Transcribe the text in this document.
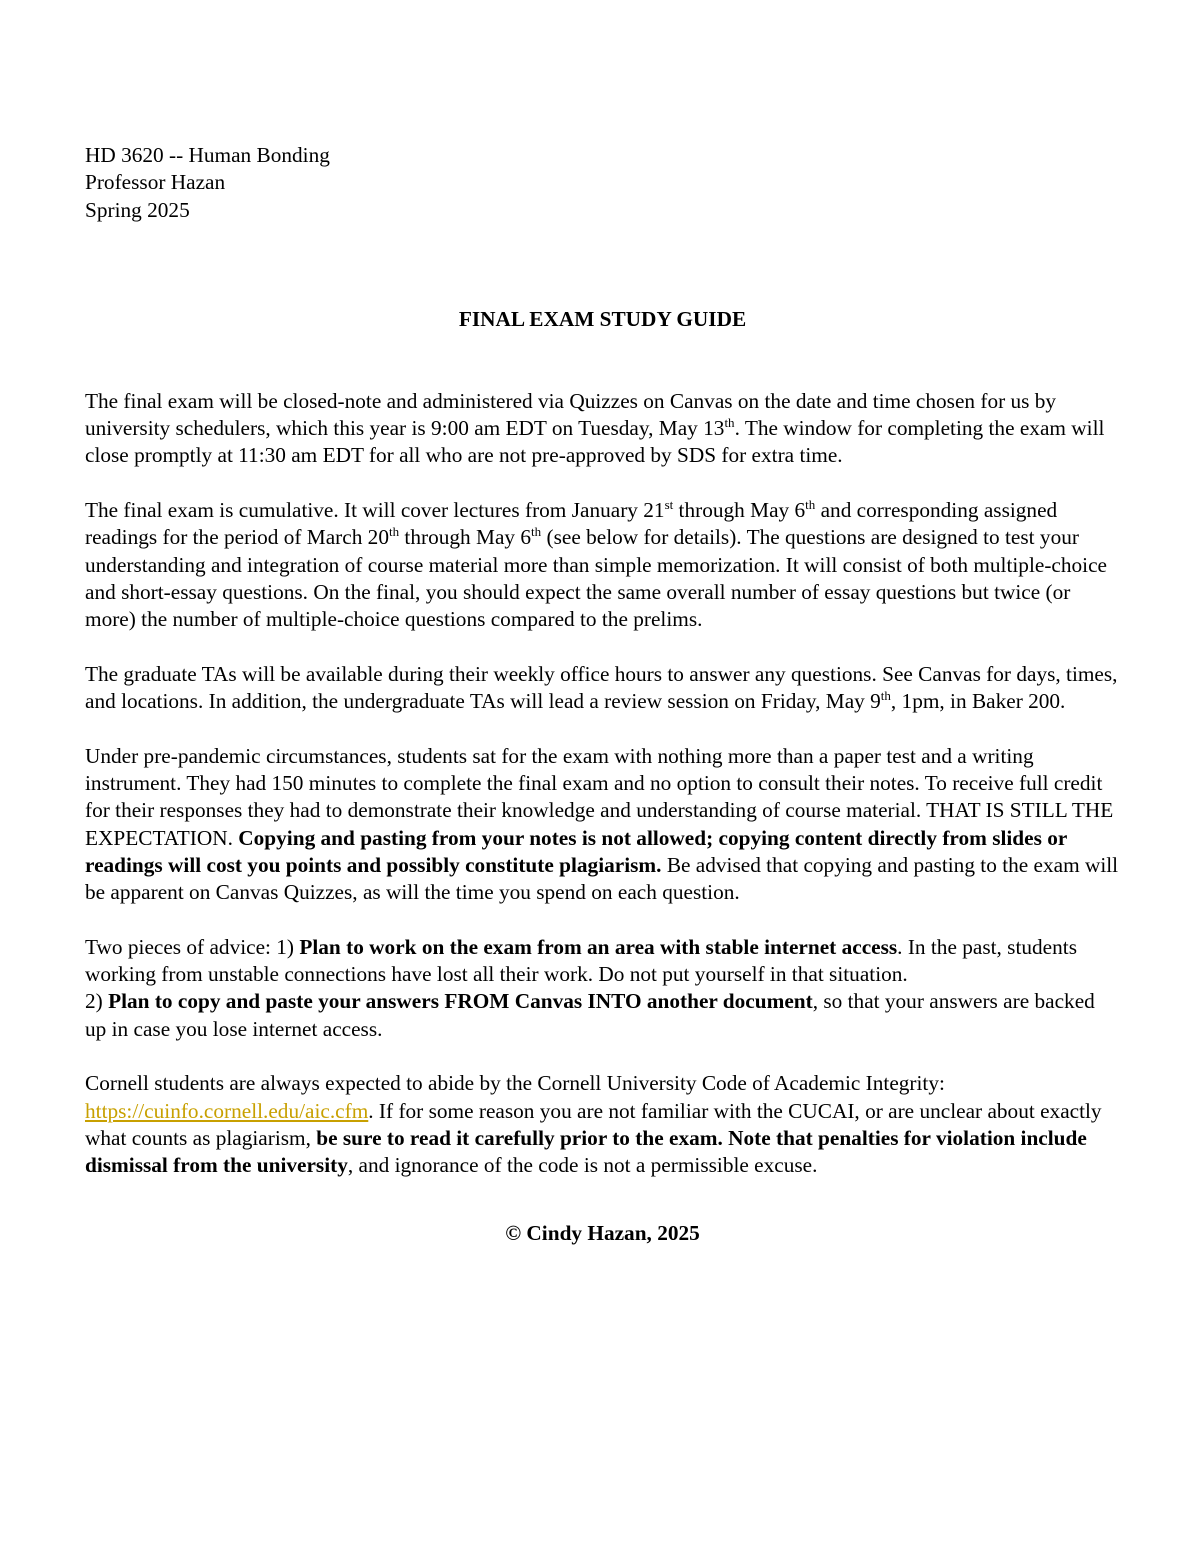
HD 3620 -- Human Bonding
Professor Hazan
Spring 2025
FINAL EXAM STUDY GUIDE

The final exam will be closed-note and administered via Quizzes on Canvas on the date and time chosen for us by university schedulers, which this year is 9:00 am EDT on Tuesday, May 13th. The window for completing the exam will close promptly at 11:30 am EDT for all who are not pre-approved by SDS for extra time.

The final exam is cumulative. It will cover lectures from January 21st through May 6th and corresponding assigned readings for the period of March 20th through May 6th (see below for details). The questions are designed to test your understanding and integration of course material more than simple memorization. It will consist of both multiple-choice and short-essay questions. On the final, you should expect the same overall number of essay questions but twice (or more) the number of multiple-choice questions compared to the prelims.

The graduate TAs will be available during their weekly office hours to answer any questions. See Canvas for days, times, and locations. In addition, the undergraduate TAs will lead a review session on Friday, May 9th, 1pm, in Baker 200.

Under pre-pandemic circumstances, students sat for the exam with nothing more than a paper test and a writing instrument. They had 150 minutes to complete the final exam and no option to consult their notes. To receive full credit for their responses they had to demonstrate their knowledge and understanding of course material. THAT IS STILL THE EXPECTATION. Copying and pasting from your notes is not allowed; copying content directly from slides or readings will cost you points and possibly constitute plagiarism. Be advised that copying and pasting to the exam will be apparent on Canvas Quizzes, as will the time you spend on each question.

Two pieces of advice: 1) Plan to work on the exam from an area with stable internet access. In the past, students working from unstable connections have lost all their work. Do not put yourself in that situation.
2) Plan to copy and paste your answers FROM Canvas INTO another document, so that your answers are backed up in case you lose internet access.

Cornell students are always expected to abide by the Cornell University Code of Academic Integrity: https://cuinfo.cornell.edu/aic.cfm. If for some reason you are not familiar with the CUCAI, or are unclear about exactly what counts as plagiarism, be sure to read it carefully prior to the exam. Note that penalties for violation include dismissal from the university, and ignorance of the code is not a permissible excuse.

© Cindy Hazan, 2025
